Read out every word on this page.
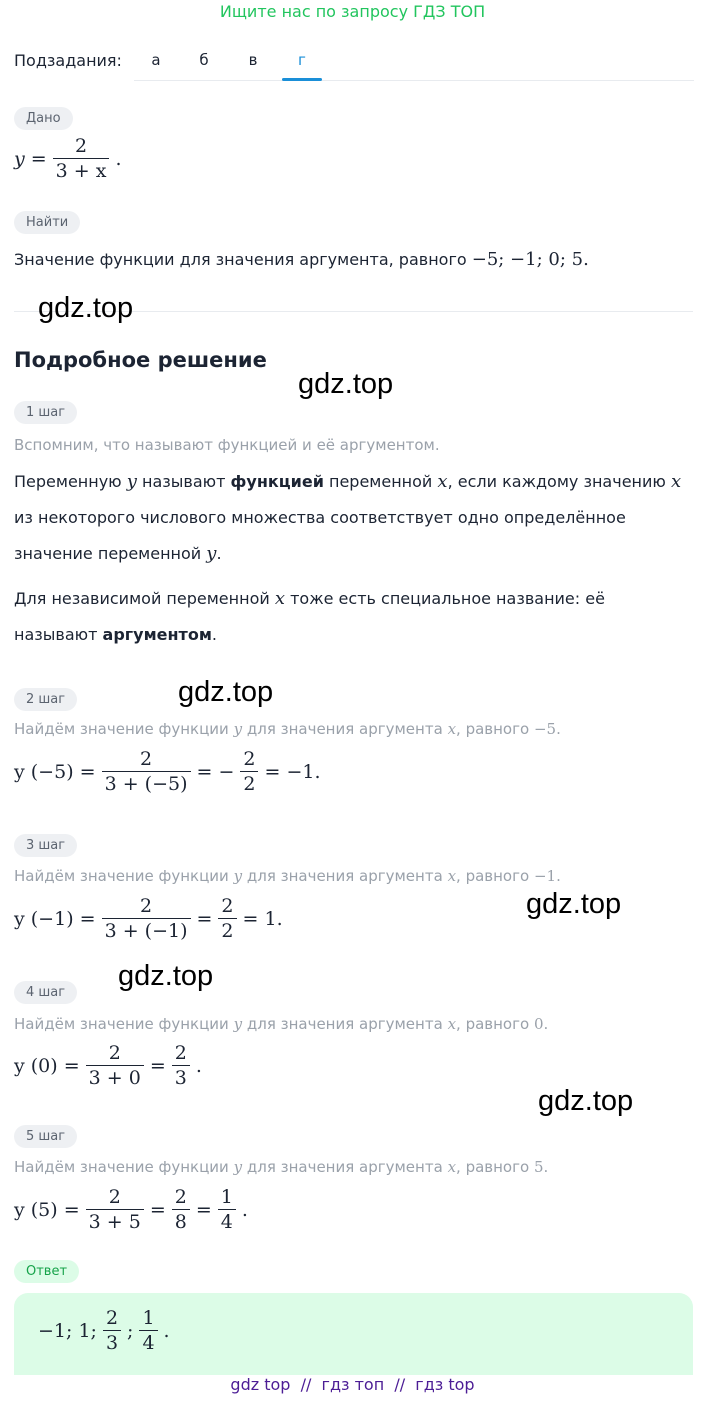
Ищите нас по запросу ГДЗ ТОП
Подзадания:	а	б	в	г
Дано
$y = \frac{2}{3 + x}$ .
Найти
Значение функции для значения аргумента, равного −5; −1; 0; 5.
Подробное решение
1 шаг
Вспомним, что называют функцией и её аргументом.
Переменную y называют функцией переменной x, если каждому значению x
из некоторого числового множества соответствует одно определённое
значение переменной y.
Для независимой переменной x тоже есть специальное название: её
называют аргументом.
2 шаг
Найдём значение функции y для значения аргумента x, равного −5.
y $(-5) = \frac{2}{3 + (-5)}$ = − $\frac{2}{2} = -1$.
3 шаг
Найдём значение функции y для значения аргумента x, равного −1.
y $(-1) = \frac{2}{3 + (-1)} = \frac{2}{2} = 1$.
4 шаг
Найдём значение функции y для значения аргумента x, равного 0.
y $(0) = \frac{2}{3 + 0} = \frac{2}{3}$ .
5 шаг
Найдём значение функции y для значения аргумента x, равного 5.
y $(5) = \frac{2}{3 + 5} = \frac{2}{8} = \frac{1}{4}$ .
Ответ
−1; 1; $\frac{2}{3}$ ; $\frac{1}{4}$ .
gdz.top
gdz.top
gdz.top
gdz.top
gdz.top
gdz.top
gdz top  //  гдз топ  //  гдз top
